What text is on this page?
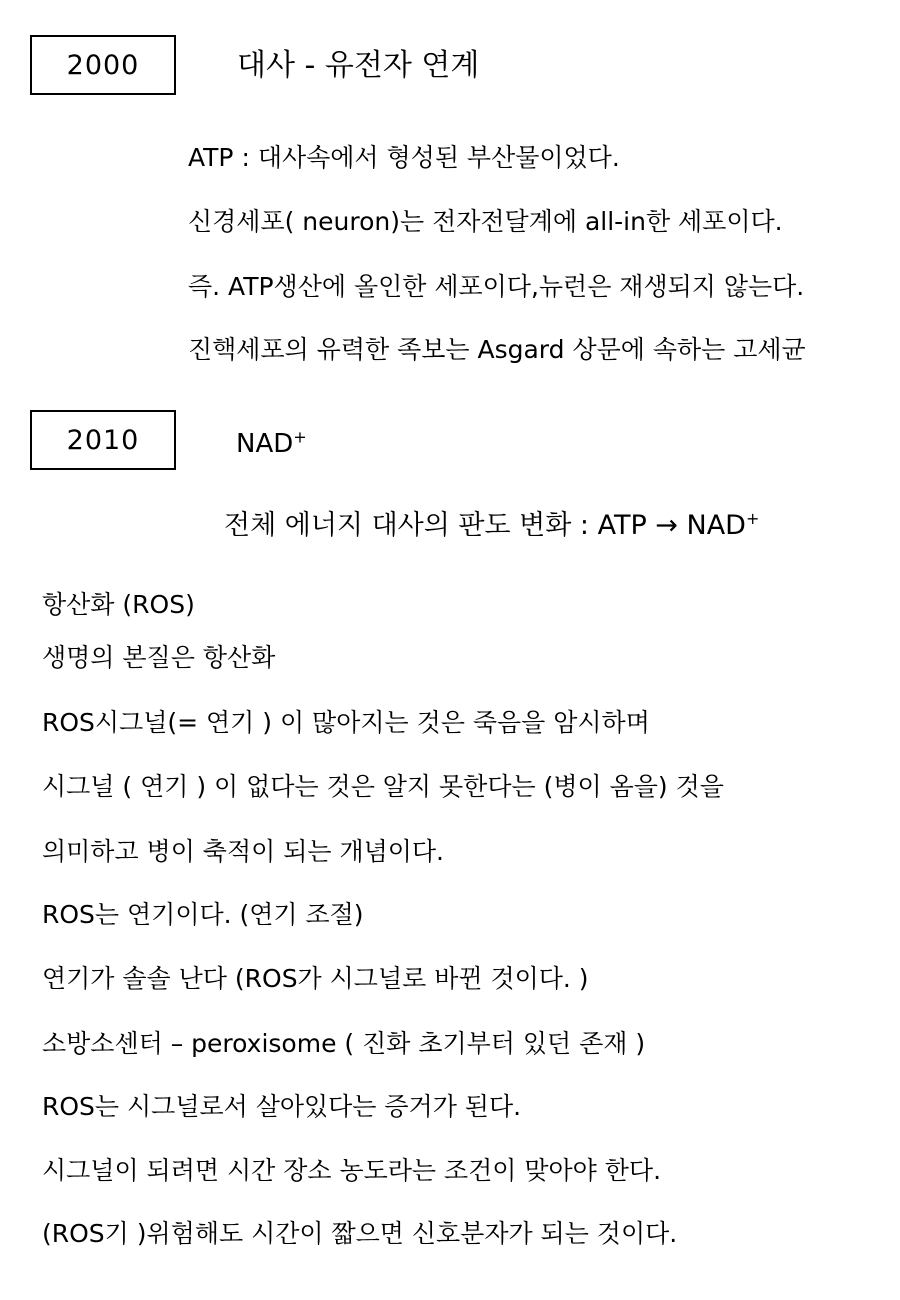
2000	대사 - 유전자 연계
ATP : 대사속에서 형성된 부산물이었다.
신경세포( neuron)는 전자전달계에 all-in한 세포이다.
즉. ATP생산에 올인한 세포이다,뉴런은 재생되지 않는다.
진핵세포의 유력한 족보는 Asgard 상문에 속하는 고세균
2010	NAD+
전체 에너지 대사의 판도 변화 : ATP → NAD+
항산화 (ROS)
생명의 본질은 항산화
ROS시그널(= 연기 ) 이 많아지는 것은 죽음을 암시하며
시그널 ( 연기 ) 이 없다는 것은 알지 못한다는 (병이 옴을) 것을
의미하고 병이 축적이 되는 개념이다.
ROS는 연기이다. (연기 조절)
연기가 솔솔 난다 (ROS가 시그널로 바뀐 것이다. )
소방소센터 – peroxisome ( 진화 초기부터 있던 존재 )
ROS는 시그널로서 살아있다는 증거가 된다.
시그널이 되려면 시간 장소 농도라는 조건이 맞아야 한다.
(ROS기 )위험해도 시간이 짧으면 신호분자가 되는 것이다.
